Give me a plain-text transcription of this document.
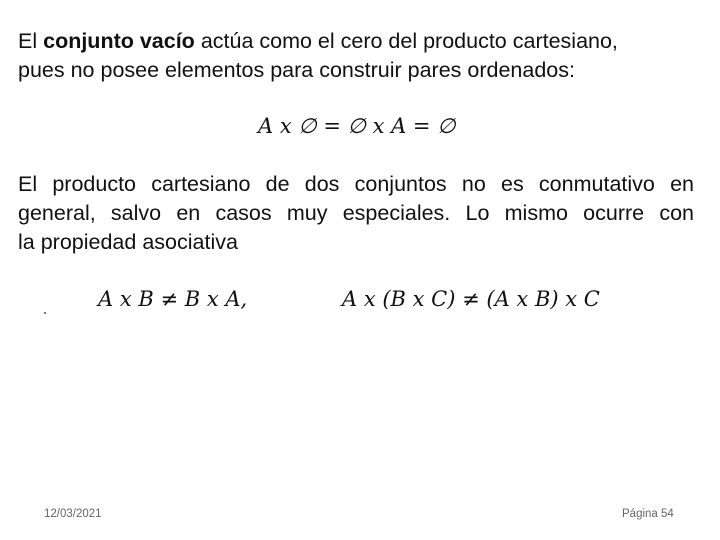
El conjunto vacío actúa como el cero del producto cartesiano,

pues no posee elementos para construir pares ordenados:

A x ∅ = ∅ x A = ∅

El producto cartesiano de dos conjuntos no es conmutativo en

general, salvo en casos muy especiales. Lo mismo ocurre con

la propiedad asociativa

A x B ≠ B x A,	A x (B x C) ≠ (A x B) x C
12/03/2021	Página 54
